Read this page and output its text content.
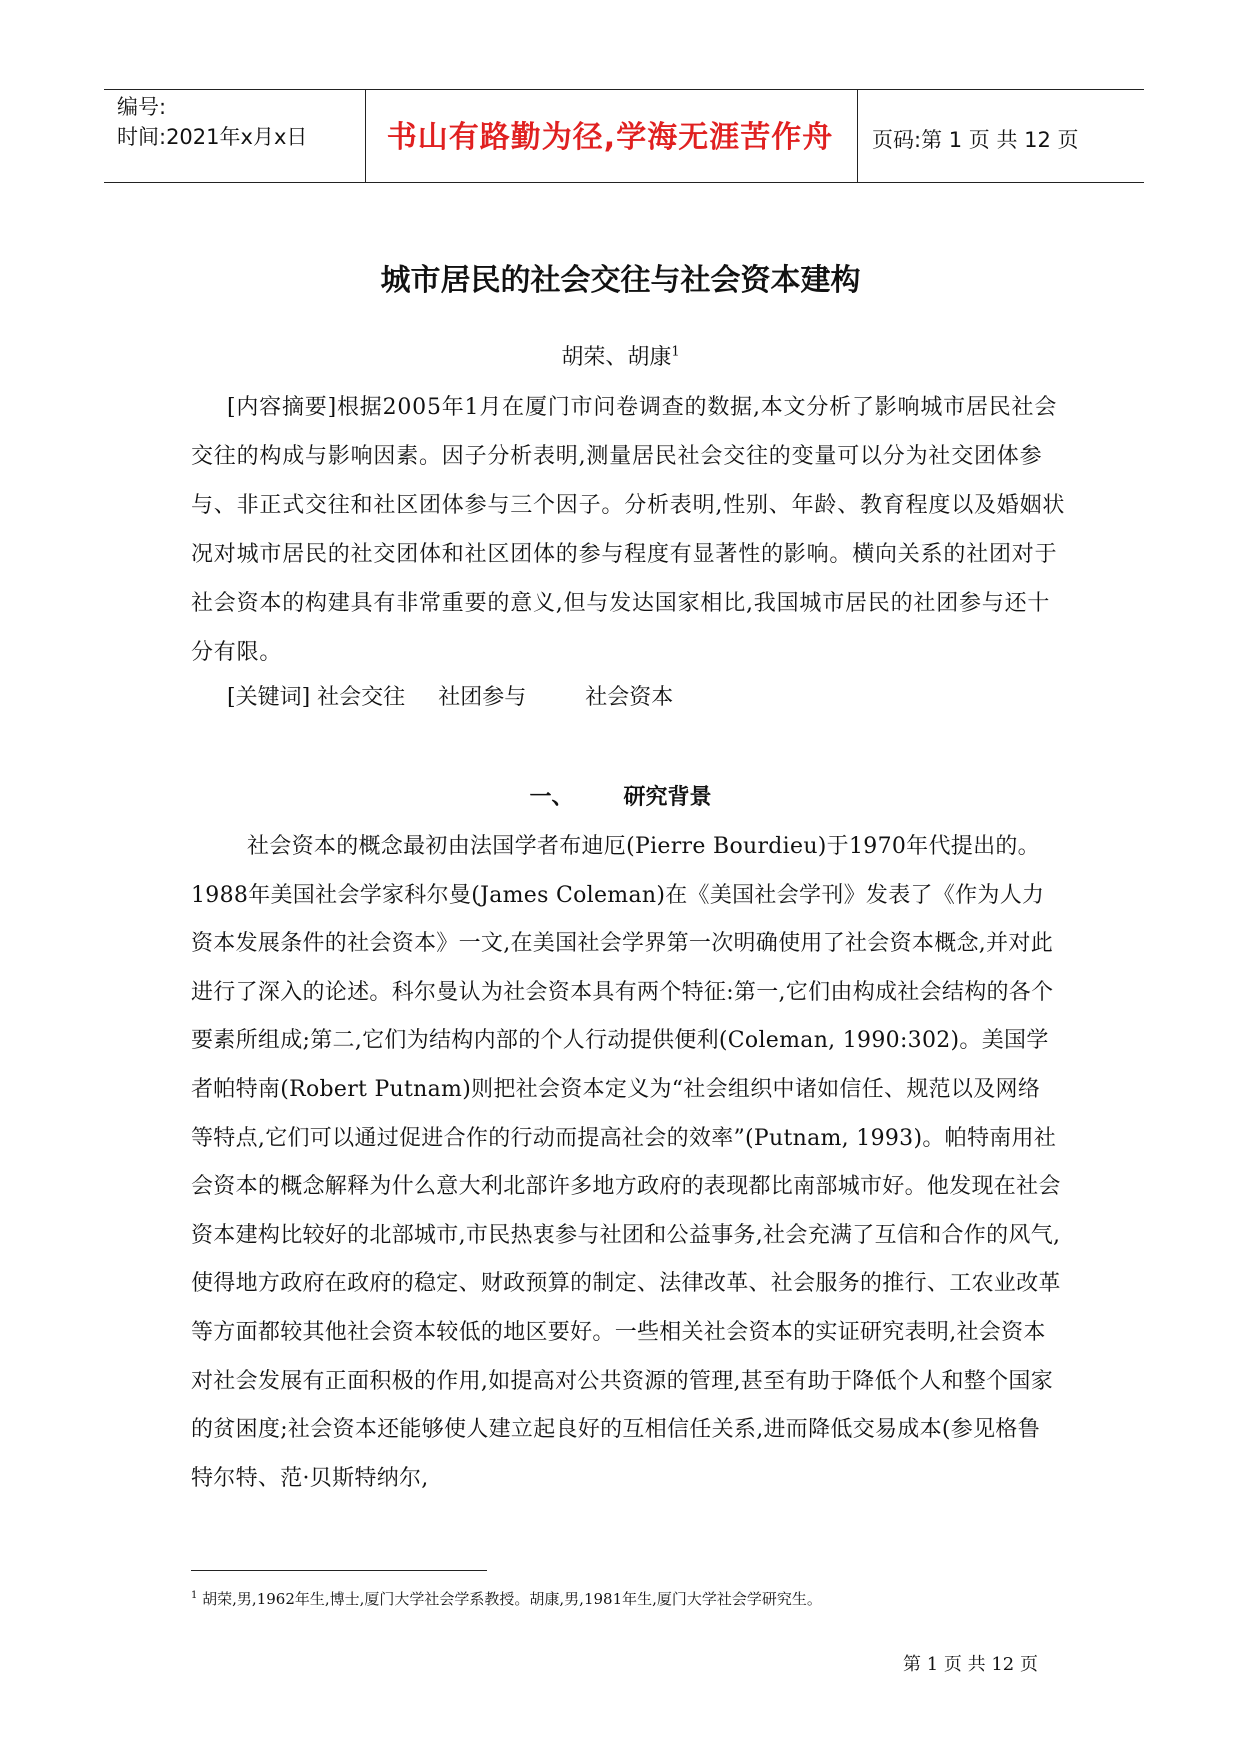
编号:
时间:2021年x月x日	书山有路勤为径,学海无涯苦作舟	页码:第 1 页 共 12 页
城市居民的社会交往与社会资本建构
胡荣、胡康$^1$
[内容摘要]根据2005年1月在厦门市问卷调查的数据,本文分析了影响城市居民社会交往的构成与影响因素。因子分析表明,测量居民社会交往的变量可以分为社交团体参与、非正式交往和社区团体参与三个因子。分析表明,性别、年龄、教育程度以及婚姻状况对城市居民的社交团体和社区团体的参与程度有显著性的影响。横向关系的社团对于社会资本的构建具有非常重要的意义,但与发达国家相比,我国城市居民的社团参与还十分有限。
[关键词] 社会交往 社团参与	社会资本
一、 研究背景
社会资本的概念最初由法国学者布迪厄(Pierre Bourdieu)于1970年代提出的。1988年美国社会学家科尔曼(James Coleman)在《美国社会学刊》发表了《作为人力资本发展条件的社会资本》一文,在美国社会学界第一次明确使用了社会资本概念,并对此进行了深入的论述。科尔曼认为社会资本具有两个特征:第一,它们由构成社会结构的各个要素所组成;第二,它们为结构内部的个人行动提供便利(Coleman, 1990:302)。美国学者帕特南(Robert Putnam)则把社会资本定义为“社会组织中诸如信任、规范以及网络等特点,它们可以通过促进合作的行动而提高社会的效率”(Putnam, 1993)。帕特南用社会资本的概念解释为什么意大利北部许多地方政府的表现都比南部城市好。他发现在社会资本建构比较好的北部城市,市民热衷参与社团和公益事务,社会充满了互信和合作的风气,使得地方政府在政府的稳定、财政预算的制定、法律改革、社会服务的推行、工农业改革等方面都较其他社会资本较低的地区要好。一些相关社会资本的实证研究表明,社会资本对社会发展有正面积极的作用,如提高对公共资源的管理,甚至有助于降低个人和整个国家的贫困度;社会资本还能够使人建立起良好的互相信任关系,进而降低交易成本(参见格鲁特尔特、范·贝斯特纳尔,
$^1$ 胡荣,男,1962年生,博士,厦门大学社会学系教授。胡康,男,1981年生,厦门大学社会学研究生。
第 1 页 共 12 页
